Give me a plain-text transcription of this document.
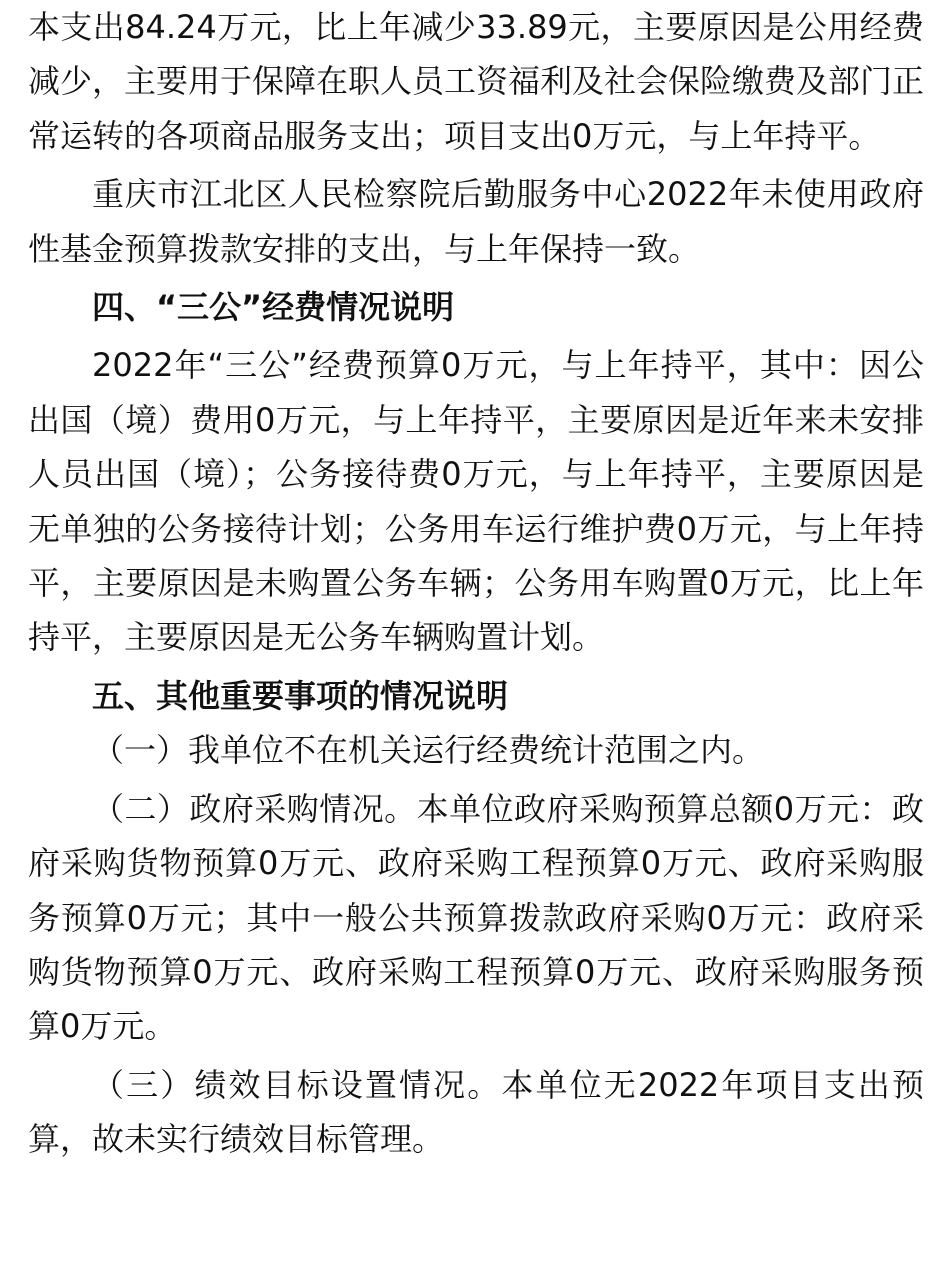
本支出84.24万元，比上年减少33.89元，主要原因是公用经费减少，主要用于保障在职人员工资福利及社会保险缴费及部门正常运转的各项商品服务支出；项目支出0万元，与上年持平。

重庆市江北区人民检察院后勤服务中心2022年未使用政府性基金预算拨款安排的支出，与上年保持一致。

四、“三公”经费情况说明

2022年“三公”经费预算0万元，与上年持平，其中：因公出国（境）费用0万元，与上年持平，主要原因是近年来未安排人员出国（境）；公务接待费0万元，与上年持平，主要原因是无单独的公务接待计划；公务用车运行维护费0万元，与上年持平，主要原因是未购置公务车辆；公务用车购置0万元，比上年持平，主要原因是无公务车辆购置计划。

五、其他重要事项的情况说明

（一）我单位不在机关运行经费统计范围之内。

（二）政府采购情况。本单位政府采购预算总额0万元：政府采购货物预算0万元、政府采购工程预算0万元、政府采购服务预算0万元；其中一般公共预算拨款政府采购0万元：政府采购货物预算0万元、政府采购工程预算0万元、政府采购服务预算0万元。

（三）绩效目标设置情况。本单位无2022年项目支出预算，故未实行绩效目标管理。
